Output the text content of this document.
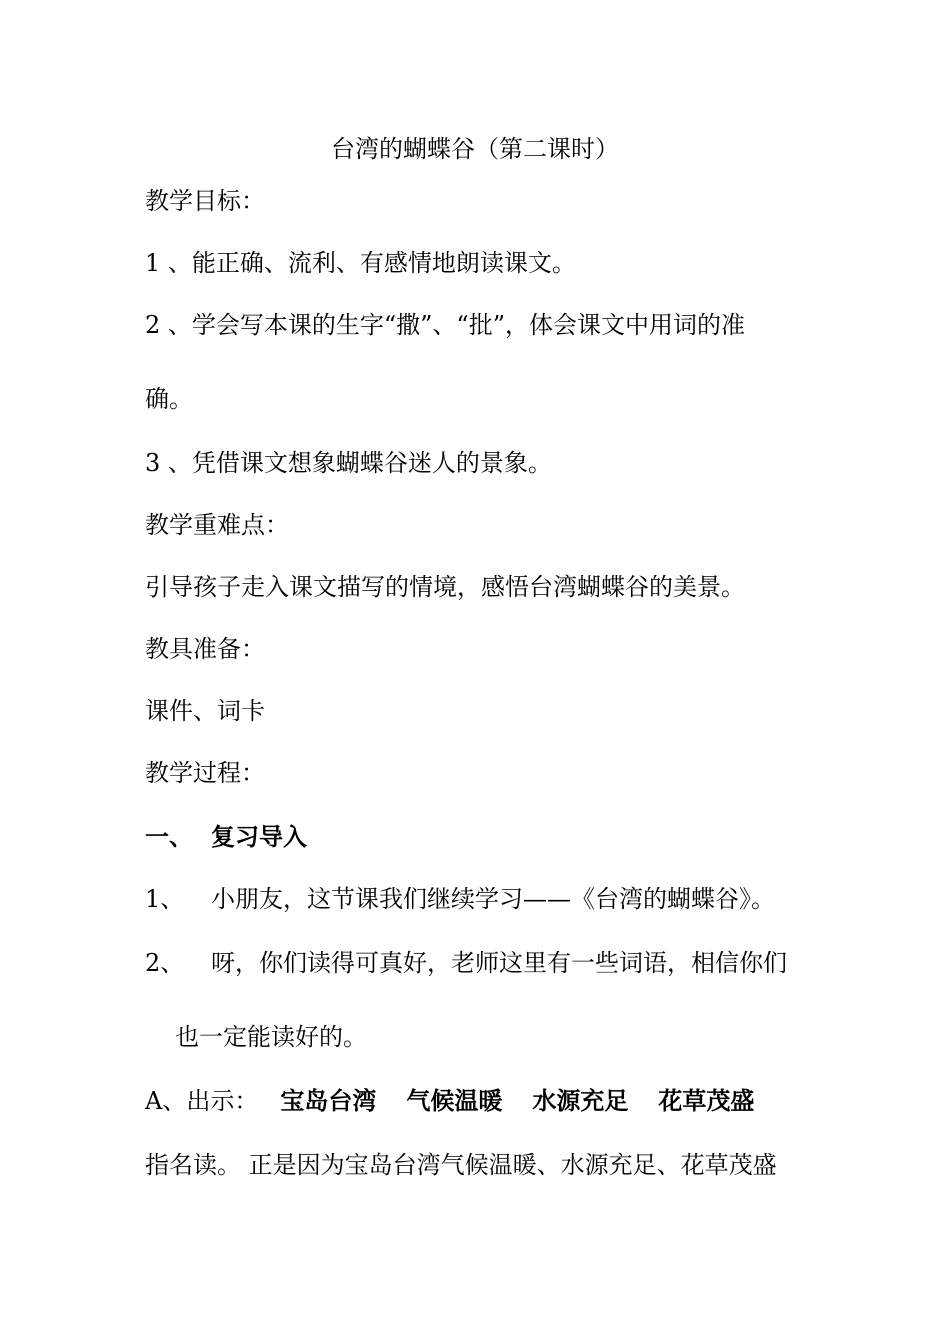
台湾的蝴蝶谷（第二课时）
教学目标：
1 、能正确、流利、有感情地朗读课文。
2 、学会写本课的生字“撒”、“批”，体会课文中用词的准
确。
3 、凭借课文想象蝴蝶谷迷人的景象。
教学重难点：
引导孩子走入课文描写的情境，感悟台湾蝴蝶谷的美景。
教具准备：
课件、词卡
教学过程：
一、 复习导入
1、 小朋友，这节课我们继续学习——《台湾的蝴蝶谷》。
2、 呀，你们读得可真好，老师这里有一些词语，相信你们
也一定能读好的。
A、出示： 宝岛台湾 气候温暖 水源充足 花草茂盛
指名读。 正是因为宝岛台湾气候温暖、水源充足、花草茂盛
